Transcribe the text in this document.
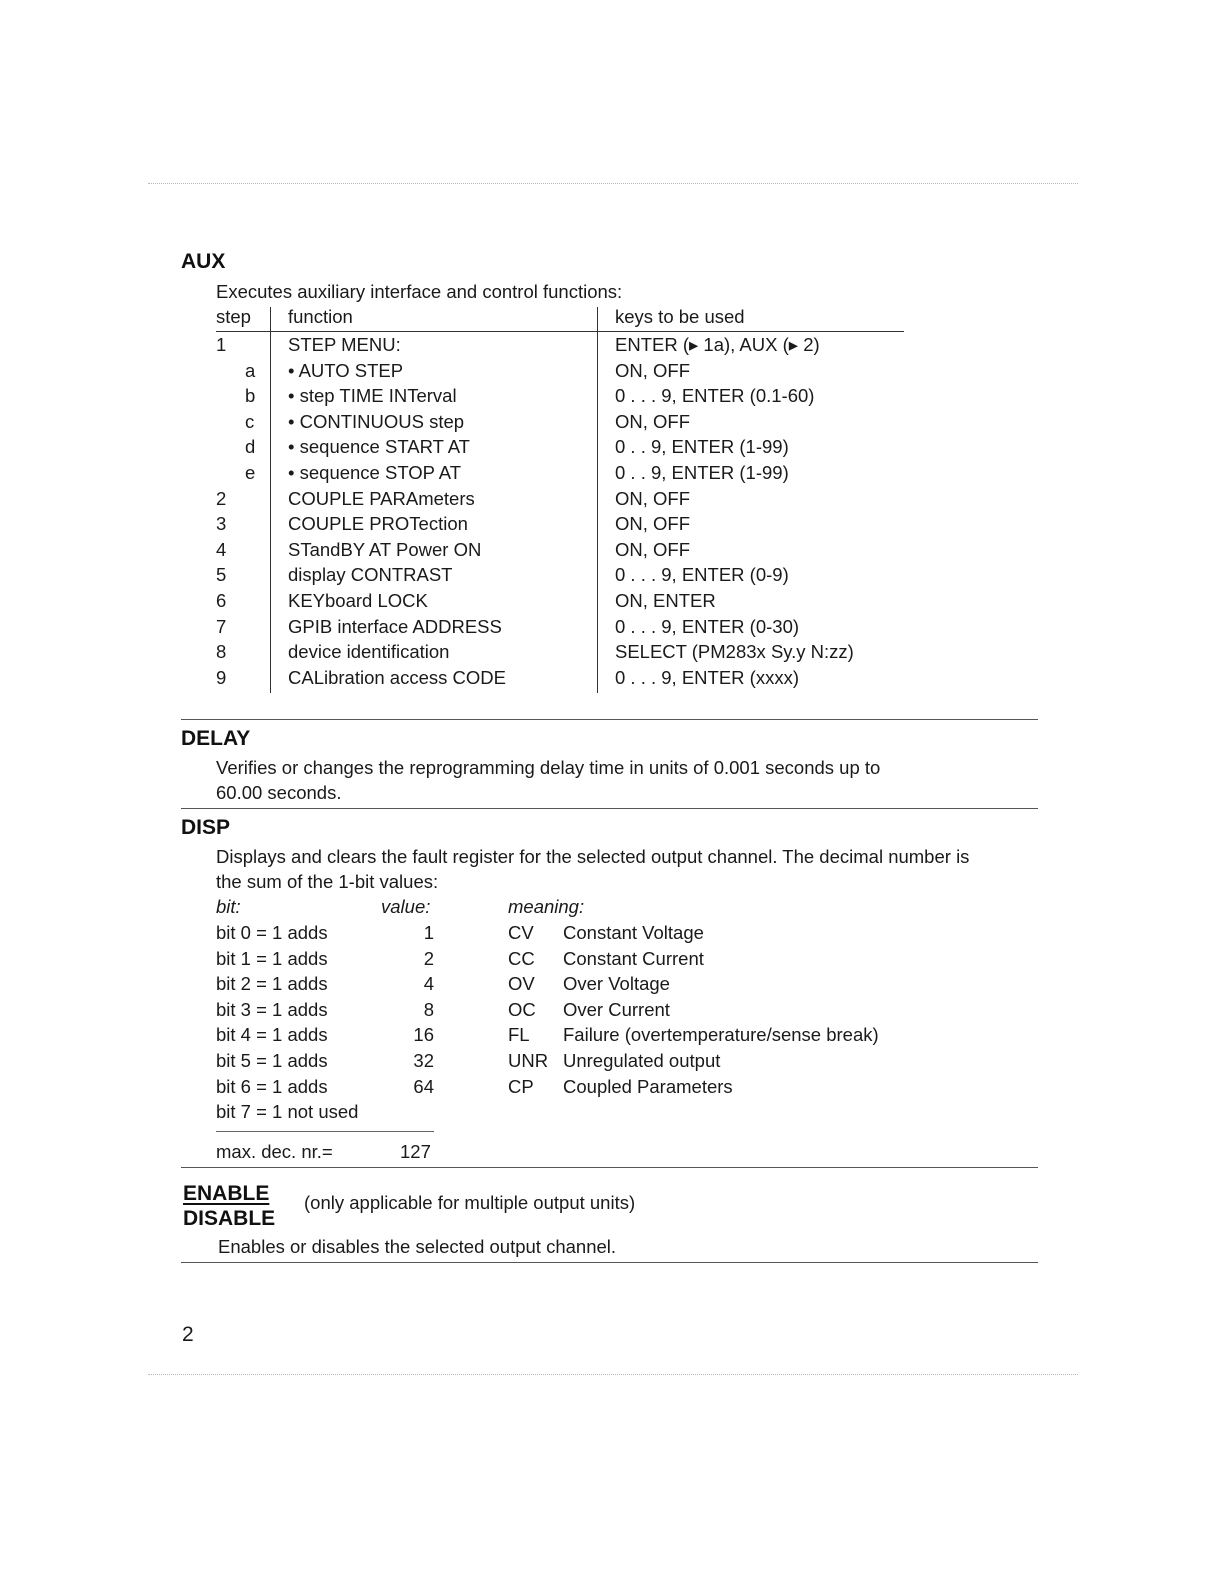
AUX
Executes auxiliary interface and control functions:
step function	keys to be used
1	STEP MENU:	ENTER (▸ 1a), AUX (▸ 2)
a • AUTO STEP	ON, OFF
b • step TIME INTerval	0 . . . 9, ENTER (0.1-60)
c • CONTINUOUS step	ON, OFF
d • sequence START AT	0 . . 9, ENTER (1-99)
e • sequence STOP AT	0 . . 9, ENTER (1-99)
2	COUPLE PARAmeters	ON, OFF
3	COUPLE PROTection	ON, OFF
4	STandBY AT Power ON	ON, OFF
5	display CONTRAST	0 . . . 9, ENTER (0-9)
6	KEYboard LOCK	ON, ENTER
7	GPIB interface ADDRESS	0 . . . 9, ENTER (0-30)
8	device identification	SELECT (PM283x Sy.y N:zz)
9	CALibration access CODE	0 . . . 9, ENTER (xxxx)
DELAY
Verifies or changes the reprogramming delay time in units of 0.001 seconds up to
60.00 seconds.
DISP
Displays and clears the fault register for the selected output channel. The decimal number is
the sum of the 1-bit values:
bit:	value:	meaning:
bit 0 = 1 adds	1	CV Constant Voltage
bit 1 = 1 adds	2	CC Constant Current
bit 2 = 1 adds	4	OV Over Voltage
bit 3 = 1 adds	8	OC Over Current
bit 4 = 1 adds	16	FL Failure (overtemperature/sense break)
bit 5 = 1 adds	32	UNR Unregulated output
bit 6 = 1 adds	64	CP Coupled Parameters
bit 7 = 1 not used
max. dec. nr.=	127
ENABLE
DISABLE
(only applicable for multiple output units)
Enables or disables the selected output channel.
2
